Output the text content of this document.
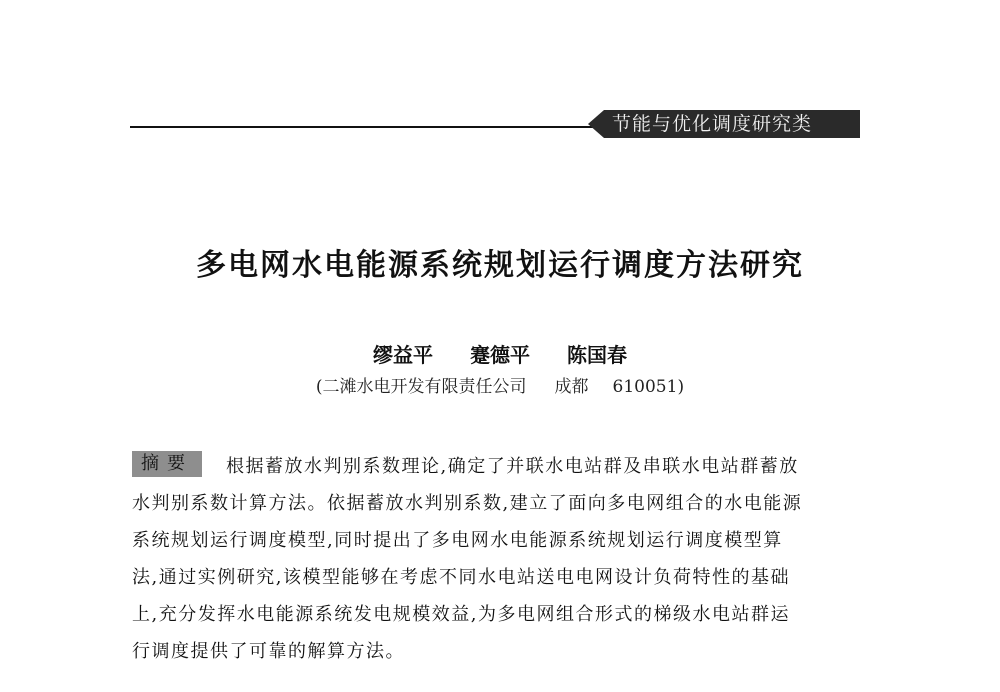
节能与优化调度研究类
多电网水电能源系统规划运行调度方法研究
缪益平 蹇德平 陈国春
(二滩水电开发有限责任公司 成都 610051)
摘要	根据蓄放水判别系数理论,确定了并联水电站群及串联水电站群蓄放
水判别系数计算方法。依据蓄放水判别系数,建立了面向多电网组合的水电能源
系统规划运行调度模型,同时提出了多电网水电能源系统规划运行调度模型算
法,通过实例研究,该模型能够在考虑不同水电站送电电网设计负荷特性的基础
上,充分发挥水电能源系统发电规模效益,为多电网组合形式的梯级水电站群运
行调度提供了可靠的解算方法。
